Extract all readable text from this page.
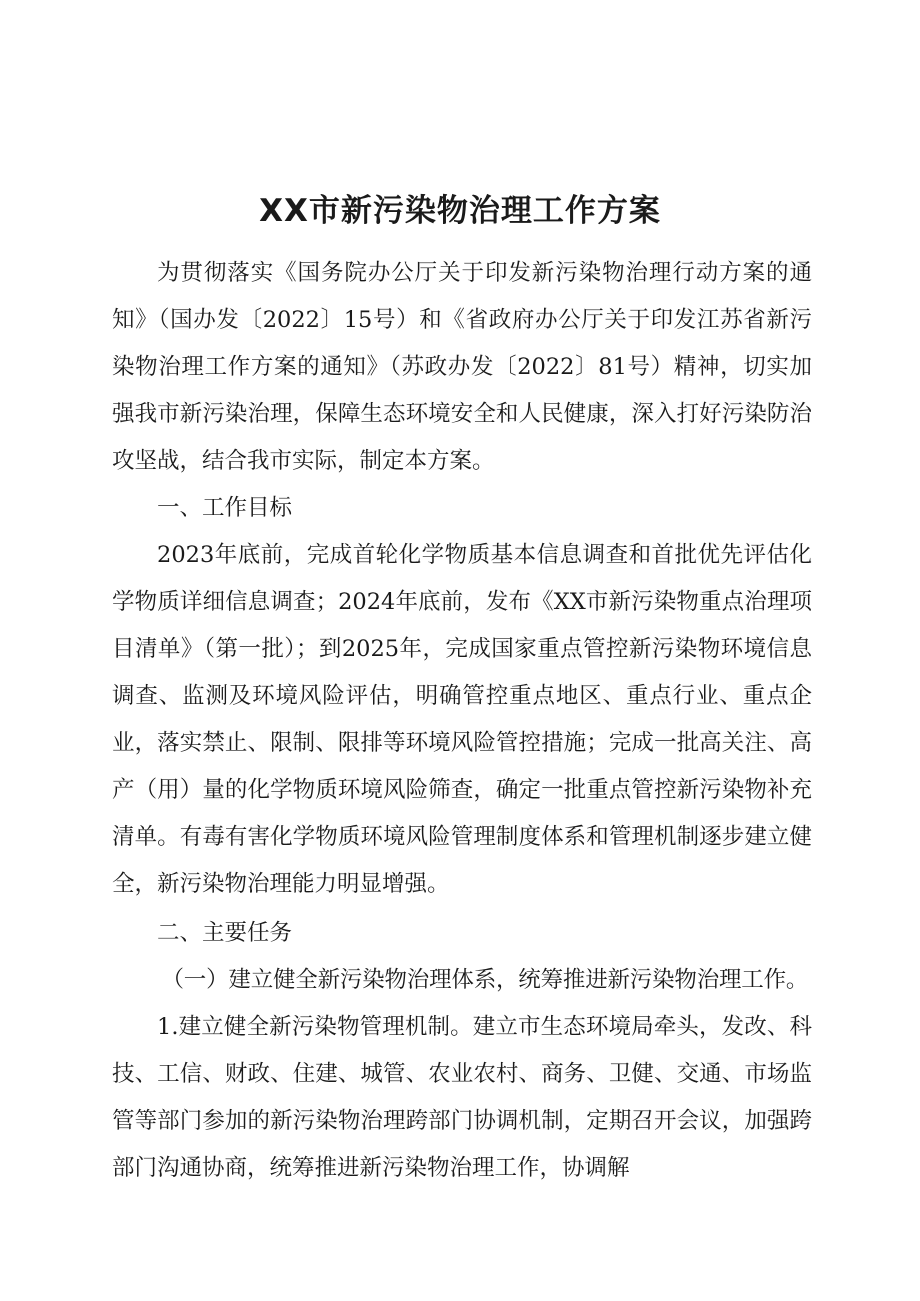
XX市新污染物治理工作方案

为贯彻落实《国务院办公厅关于印发新污染物治理行动方案的通知》（国办发〔2022〕15号）和《省政府办公厅关于印发江苏省新污染物治理工作方案的通知》（苏政办发〔2022〕81号）精神，切实加强我市新污染治理，保障生态环境安全和人民健康，深入打好污染防治攻坚战，结合我市实际，制定本方案。

一、工作目标

2023年底前，完成首轮化学物质基本信息调查和首批优先评估化学物质详细信息调查；2024年底前，发布《XX市新污染物重点治理项目清单》（第一批）；到2025年，完成国家重点管控新污染物环境信息调查、监测及环境风险评估，明确管控重点地区、重点行业、重点企业，落实禁止、限制、限排等环境风险管控措施；完成一批高关注、高产（用）量的化学物质环境风险筛查，确定一批重点管控新污染物补充清单。有毒有害化学物质环境风险管理制度体系和管理机制逐步建立健全，新污染物治理能力明显增强。

二、主要任务

（一）建立健全新污染物治理体系，统筹推进新污染物治理工作。

1.建立健全新污染物管理机制。建立市生态环境局牵头，发改、科技、工信、财政、住建、城管、农业农村、商务、卫健、交通、市场监管等部门参加的新污染物治理跨部门协调机制，定期召开会议，加强跨部门沟通协商，统筹推进新污染物治理工作，协调解
